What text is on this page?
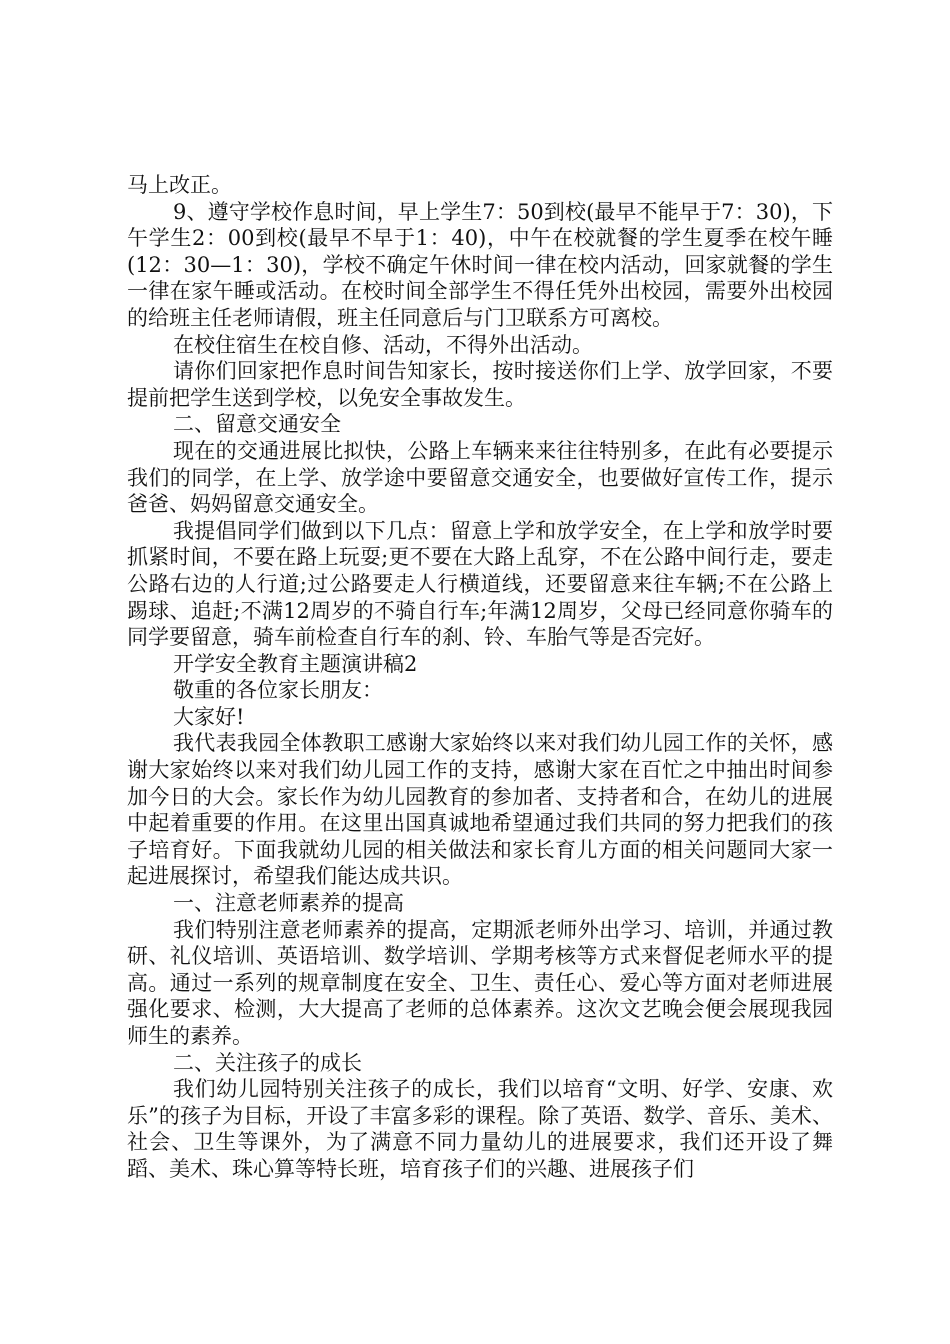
马上改正。

9、遵守学校作息时间，早上学生7：50到校(最早不能早于7：30)，下午学生2：00到校(最早不早于1：40)，中午在校就餐的学生夏季在校午睡(12：30—1：30)，学校不确定午休时间一律在校内活动，回家就餐的学生一律在家午睡或活动。在校时间全部学生不得任凭外出校园，需要外出校园的给班主任老师请假，班主任同意后与门卫联系方可离校。

在校住宿生在校自修、活动，不得外出活动。

请你们回家把作息时间告知家长，按时接送你们上学、放学回家，不要提前把学生送到学校，以免安全事故发生。

二、留意交通安全

现在的交通进展比拟快，公路上车辆来来往往特别多，在此有必要提示我们的同学，在上学、放学途中要留意交通安全，也要做好宣传工作，提示爸爸、妈妈留意交通安全。

我提倡同学们做到以下几点：留意上学和放学安全，在上学和放学时要抓紧时间，不要在路上玩耍;更不要在大路上乱穿，不在公路中间行走，要走公路右边的人行道;过公路要走人行横道线，还要留意来往车辆;不在公路上踢球、追赶;不满12周岁的不骑自行车;年满12周岁，父母已经同意你骑车的同学要留意，骑车前检查自行车的刹、铃、车胎气等是否完好。

开学安全教育主题演讲稿2

敬重的各位家长朋友：

大家好!

我代表我园全体教职工感谢大家始终以来对我们幼儿园工作的关怀，感谢大家始终以来对我们幼儿园工作的支持，感谢大家在百忙之中抽出时间参加今日的大会。家长作为幼儿园教育的参加者、支持者和合，在幼儿的进展中起着重要的作用。在这里出国真诚地希望通过我们共同的努力把我们的孩子培育好。下面我就幼儿园的相关做法和家长育儿方面的相关问题同大家一起进展探讨，希望我们能达成共识。

一、注意老师素养的提高

我们特别注意老师素养的提高，定期派老师外出学习、培训，并通过教研、礼仪培训、英语培训、数学培训、学期考核等方式来督促老师水平的提高。通过一系列的规章制度在安全、卫生、责任心、爱心等方面对老师进展强化要求、检测，大大提高了老师的总体素养。这次文艺晚会便会展现我园师生的素养。

二、关注孩子的成长

我们幼儿园特别关注孩子的成长，我们以培育“文明、好学、安康、欢乐”的孩子为目标，开设了丰富多彩的课程。除了英语、数学、音乐、美术、社会、卫生等课外，为了满意不同力量幼儿的进展要求，我们还开设了舞蹈、美术、珠心算等特长班，培育孩子们的兴趣、进展孩子们
